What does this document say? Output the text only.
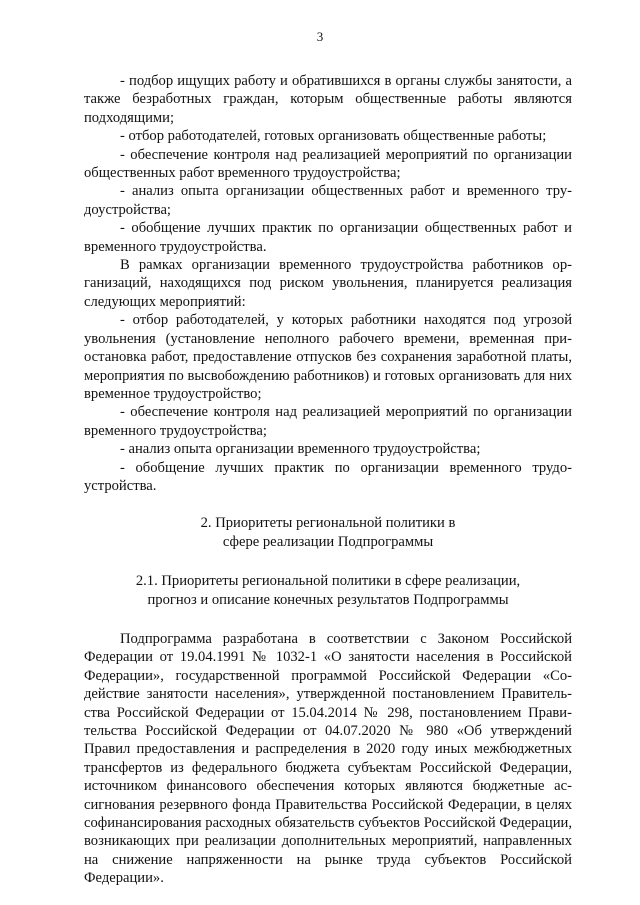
3

- подбор ищущих работу и обратившихся в органы службы занятости, а также безработных граждан, которым общественные работы являются подходящими;

- отбор работодателей, готовых организовать общественные работы;

- обеспечение контроля над реализацией мероприятий по организации общественных работ временного трудоустройства;

- анализ опыта организации общественных работ и временного трудоустройства;

- обобщение лучших практик по организации общественных работ и временного трудоустройства.

В рамках организации временного трудоустройства работников организаций, находящихся под риском увольнения, планируется реализация следующих мероприятий:

- отбор работодателей, у которых работники находятся под угрозой увольнения (установление неполного рабочего времени, временная приостановка работ, предоставление отпусков без сохранения заработной платы, мероприятия по высвобождению работников) и готовых организовать для них временное трудоустройство;

- обеспечение контроля над реализацией мероприятий по организации временного трудоустройства;

- анализ опыта организации временного трудоустройства;

- обобщение лучших практик по организации временного трудоустройства.

2. Приоритеты региональной политики в
сфере реализации Подпрограммы
2.1. Приоритеты региональной политики в сфере реализации,
прогноз и описание конечных результатов Подпрограммы

Подпрограмма разработана в соответствии с Законом Российской Федерации от 19.04.1991 № 1032-1 «О занятости населения в Российской Федерации», государственной программой Российской Федерации «Содействие занятости населения», утвержденной постановлением Правительства Российской Федерации от 15.04.2014 № 298, постановлением Правительства Российской Федерации от 04.07.2020 № 980 «Об утверждений Правил предоставления и распределения в 2020 году иных межбюджетных трансфертов из федерального бюджета субъектам Российской Федерации, источником финансового обеспечения которых являются бюджетные ассигнования резервного фонда Правительства Российской Федерации, в целях софинансирования расходных обязательств субъектов Российской Федерации, возникающих при реализации дополнительных мероприятий, направленных на снижение напряженности на рынке труда субъектов Российской Федерации».
